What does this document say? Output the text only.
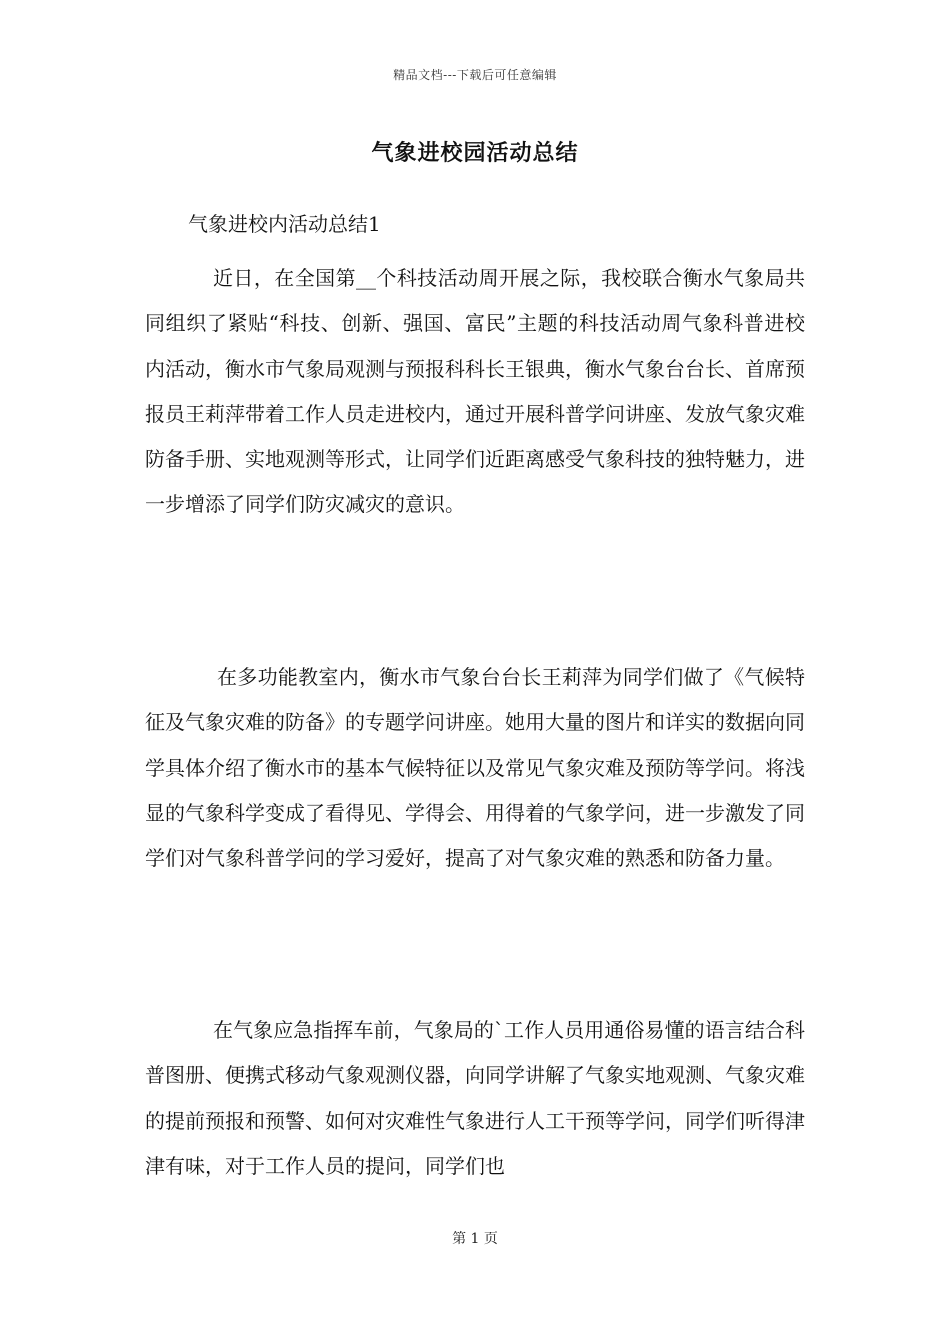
精品文档---下载后可任意编辑
气象进校园活动总结
气象进校内活动总结1

近日，在全国第__个科技活动周开展之际，我校联合衡水气象局共同组织了紧贴“科技、创新、强国、富民”主题的科技活动周气象科普进校内活动，衡水市气象局观测与预报科科长王银典，衡水气象台台长、首席预报员王莉萍带着工作人员走进校内，通过开展科普学问讲座、发放气象灾难防备手册、实地观测等形式，让同学们近距离感受气象科技的独特魅力，进一步增添了同学们防灾减灾的意识。

在多功能教室内，衡水市气象台台长王莉萍为同学们做了《气候特征及气象灾难的防备》的专题学问讲座。她用大量的图片和详实的数据向同学具体介绍了衡水市的基本气候特征以及常见气象灾难及预防等学问。将浅显的气象科学变成了看得见、学得会、用得着的气象学问，进一步激发了同学们对气象科普学问的学习爱好，提高了对气象灾难的熟悉和防备力量。

在气象应急指挥车前，气象局的`工作人员用通俗易懂的语言结合科普图册、便携式移动气象观测仪器，向同学讲解了气象实地观测、气象灾难的提前预报和预警、如何对灾难性气象进行人工干预等学问，同学们听得津津有味，对于工作人员的提问，同学们也

第 1 页
